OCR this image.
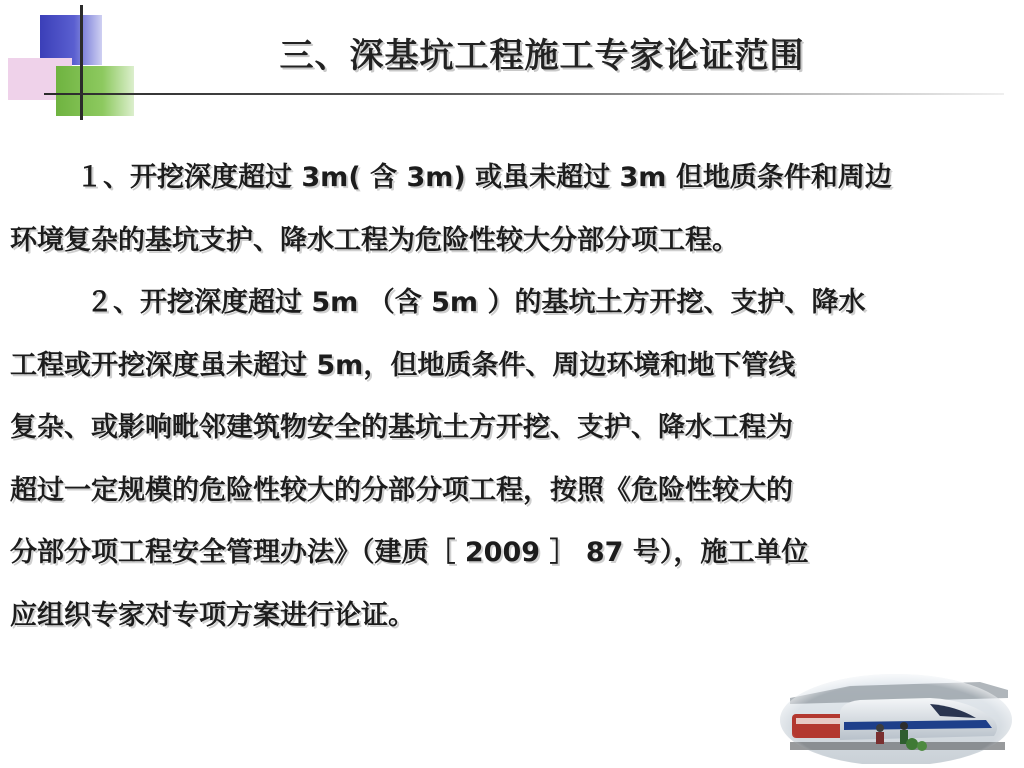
三、深基坑工程施工专家论证范围
１、开挖深度超过 3m( 含 3m) 或虽未超过 3m 但地质条件和周边
环境复杂的基坑支护、降水工程为危险性较大分部分项工程。
２、开挖深度超过 5m （含 5m ）的基坑土方开挖、支护、降水
工程或开挖深度虽未超过 5m，但地质条件、周边环境和地下管线
复杂、或影响毗邻建筑物安全的基坑土方开挖、支护、降水工程为
超过一定规模的危险性较大的分部分项工程，按照《危险性较大的
分部分项工程安全管理办法》（建质［ 2009 ］ 87 号），施工单位
应组织专家对专项方案进行论证。
